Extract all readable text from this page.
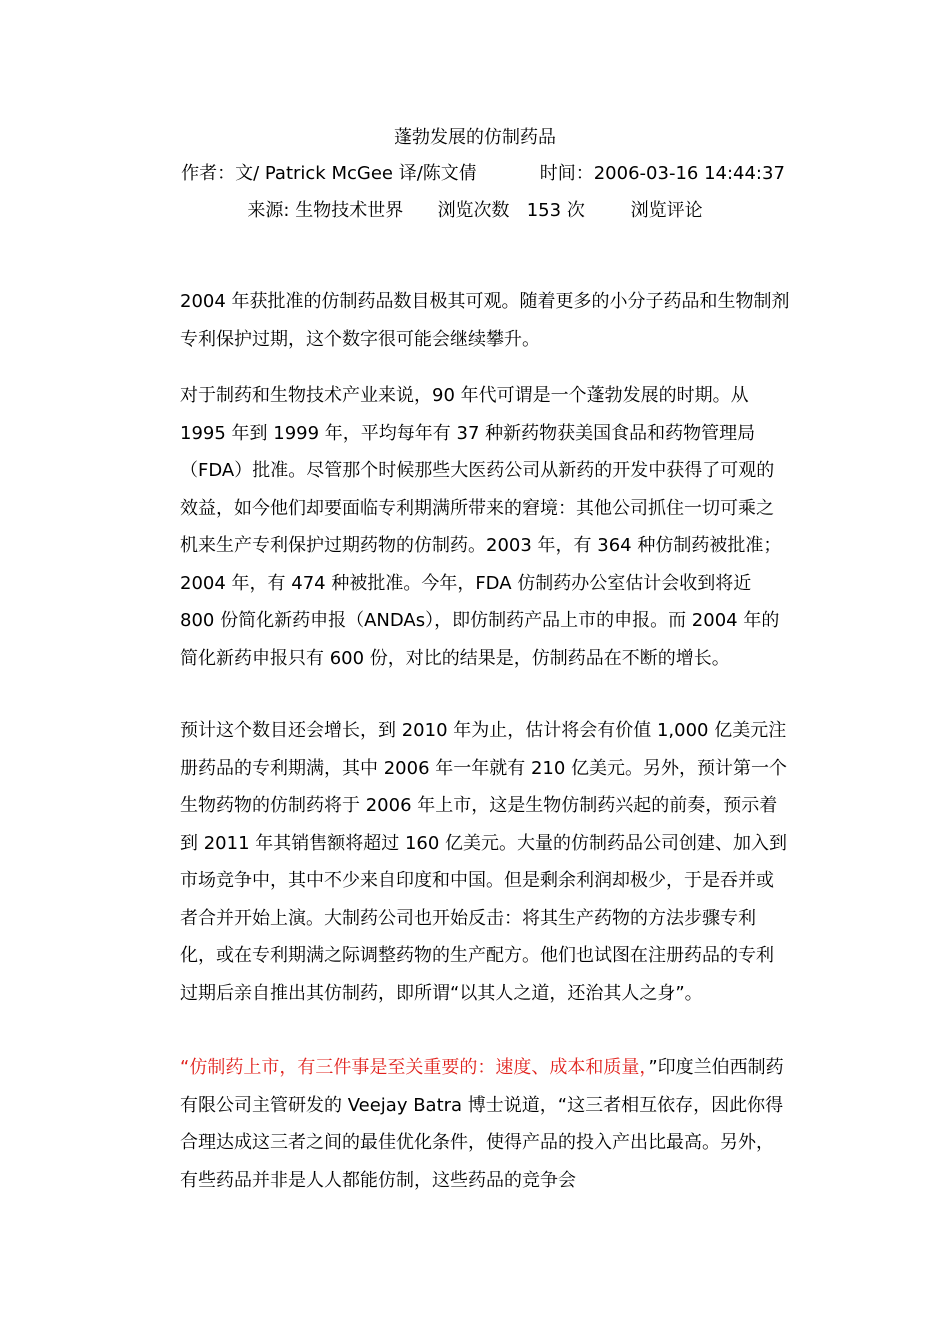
蓬勃发展的仿制药品
作者：文/ Patrick McGee 译/陈文倩	时间：2006-03-16 14:44:37
来源: 生物技术世界 浏览次数 153 次	浏览评论

2004 年获批准的仿制药品数目极其可观。随着更多的小分子药品和生物制剂专利保护过期，这个数字很可能会继续攀升。

对于制药和生物技术产业来说，90 年代可谓是一个蓬勃发展的时期。从 1995 年到 1999 年，平均每年有 37 种新药物获美国食品和药物管理局（FDA）批准。尽管那个时候那些大医药公司从新药的开发中获得了可观的效益，如今他们却要面临专利期满所带来的窘境：其他公司抓住一切可乘之机来生产专利保护过期药物的仿制药。2003 年，有 364 种仿制药被批准；2004 年，有 474 种被批准。今年，FDA 仿制药办公室估计会收到将近 800 份简化新药申报（ANDAs），即仿制药产品上市的申报。而 2004 年的简化新药申报只有 600 份，对比的结果是，仿制药品在不断的增长。

预计这个数目还会增长，到 2010 年为止，估计将会有价值 1,000 亿美元注册药品的专利期满，其中 2006 年一年就有 210 亿美元。另外，预计第一个生物药物的仿制药将于 2006 年上市，这是生物仿制药兴起的前奏，预示着到 2011 年其销售额将超过 160 亿美元。大量的仿制药品公司创建、加入到市场竞争中，其中不少来自印度和中国。但是剩余利润却极少，于是吞并或者合并开始上演。大制药公司也开始反击：将其生产药物的方法步骤专利化，或在专利期满之际调整药物的生产配方。他们也试图在注册药品的专利过期后亲自推出其仿制药，即所谓“以其人之道，还治其人之身”。

“仿制药上市，有三件事是至关重要的：速度、成本和质量，”印度兰伯西制药有限公司主管研发的 Veejay Batra 博士说道，“这三者相互依存，因此你得合理达成这三者之间的最佳优化条件，使得产品的投入产出比最高。另外，有些药品并非是人人都能仿制，这些药品的竞争会
